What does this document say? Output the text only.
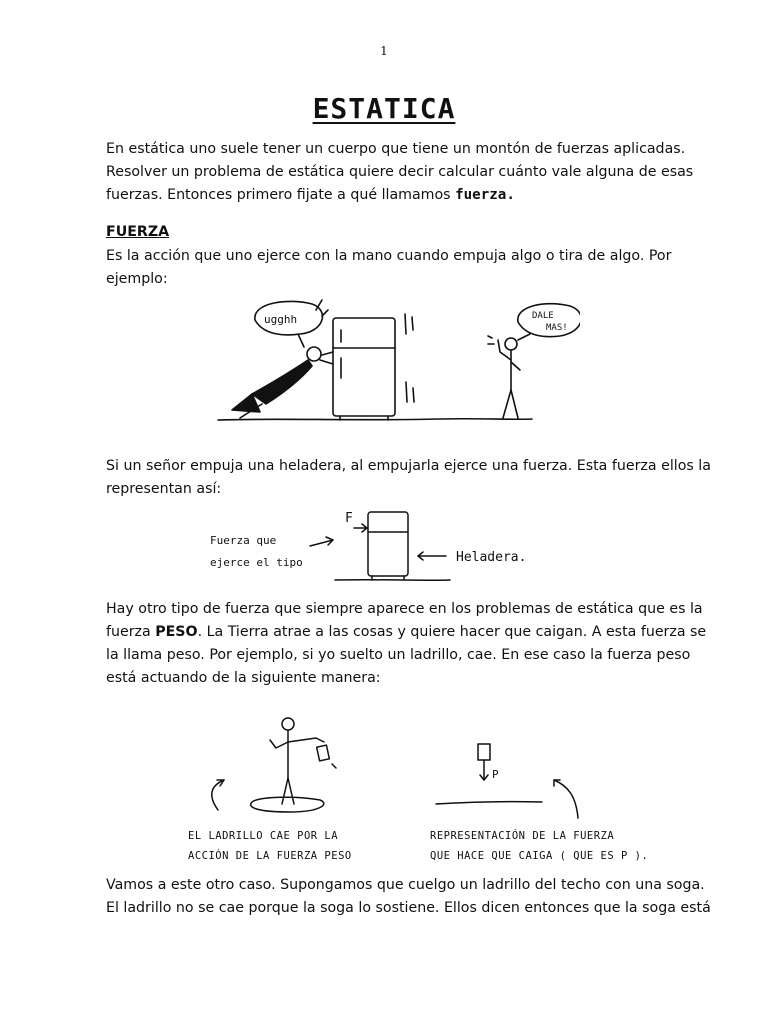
1
ESTATICA

En estática uno suele tener un cuerpo que tiene un montón de fuerzas aplicadas. Resolver un problema de estática quiere decir calcular cuánto vale alguna de esas fuerzas. Entonces primero fijate a qué llamamos fuerza.

FUERZA

Es la acción que uno ejerce con la mano cuando empuja algo o tira de algo. Por ejemplo:

ugghh	DALE
MAS!

Si un señor empuja una heladera, al empujarla ejerce una fuerza. Esta fuerza ellos la representan así:

F
Fuerza que
ejerce el tipo	Heladera.

Hay otro tipo de fuerza que siempre aparece en los problemas de estática que es la fuerza PESO. La Tierra atrae a las cosas y quiere hacer que caigan. A esta fuerza se la llama peso. Por ejemplo, si yo suelto un ladrillo, cae. En ese caso la fuerza peso está actuando de la siguiente manera:

P
EL LADRILLO CAE POR LA
ACCIÓN DE LA FUERZA PESO
REPRESENTACIÓN DE LA FUERZA
QUE HACE QUE CAIGA ( QUE ES P ).

Vamos a este otro caso. Supongamos que cuelgo un ladrillo del techo con una soga. El ladrillo no se cae porque la soga lo sostiene. Ellos dicen entonces que la soga está
